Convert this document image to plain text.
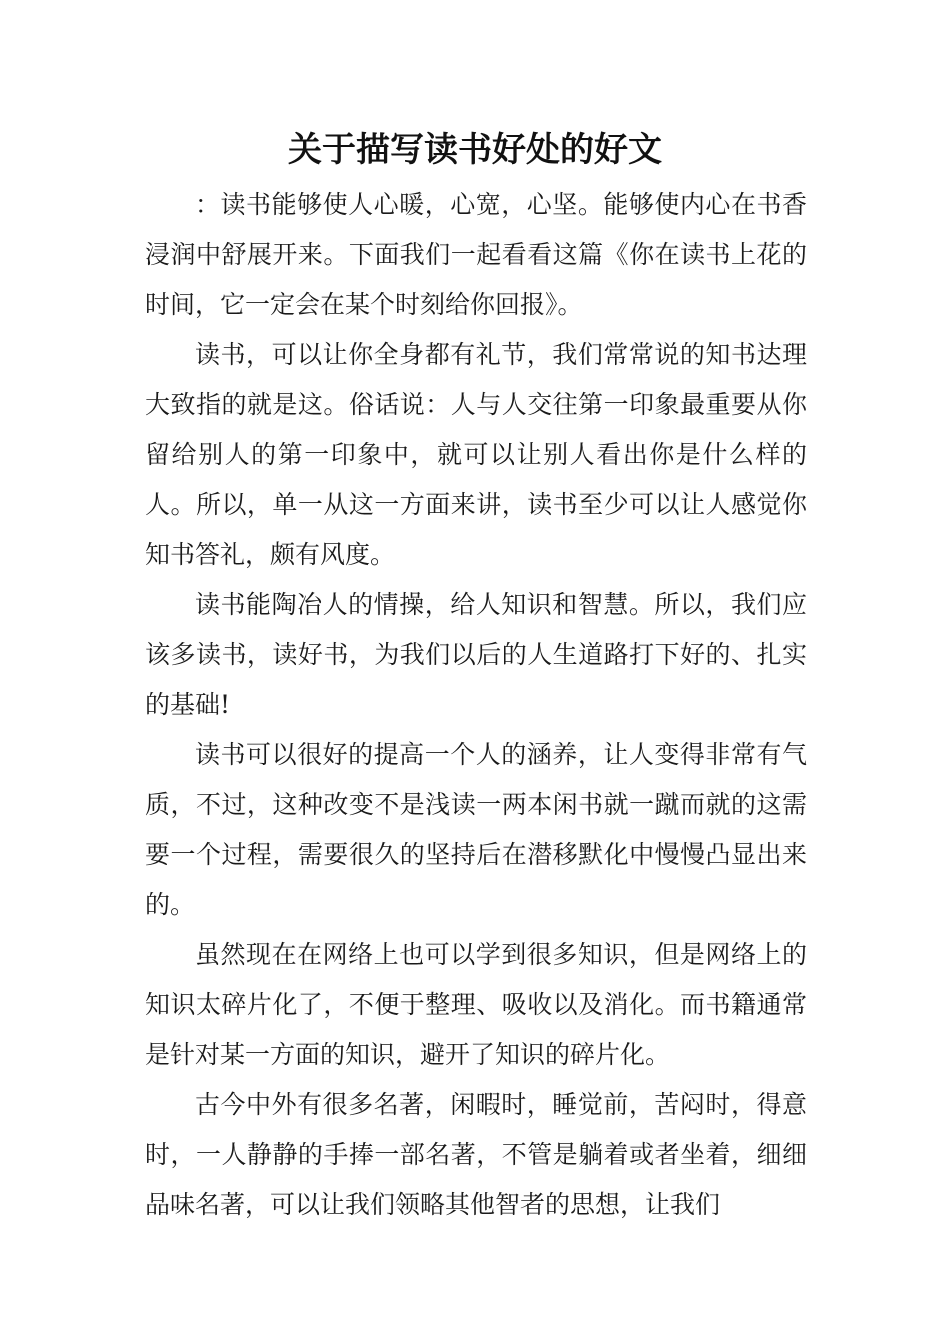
关于描写读书好处的好文

：读书能够使人心暖，心宽，心坚。能够使内心在书香浸润中舒展开来。下面我们一起看看这篇《你在读书上花的时间，它一定会在某个时刻给你回报》。

读书，可以让你全身都有礼节，我们常常说的知书达理大致指的就是这。俗话说：人与人交往第一印象最重要从你留给别人的第一印象中，就可以让别人看出你是什么样的人。所以，单一从这一方面来讲，读书至少可以让人感觉你知书答礼，颇有风度。

读书能陶冶人的情操，给人知识和智慧。所以，我们应该多读书，读好书，为我们以后的人生道路打下好的、扎实的基础!

读书可以很好的提高一个人的涵养，让人变得非常有气质，不过，这种改变不是浅读一两本闲书就一蹴而就的这需要一个过程，需要很久的坚持后在潜移默化中慢慢凸显出来的。

虽然现在在网络上也可以学到很多知识，但是网络上的知识太碎片化了，不便于整理、吸收以及消化。而书籍通常是针对某一方面的知识，避开了知识的碎片化。

古今中外有很多名著，闲暇时，睡觉前，苦闷时，得意时，一人静静的手捧一部名著，不管是躺着或者坐着，细细品味名著，可以让我们领略其他智者的思想，让我们
